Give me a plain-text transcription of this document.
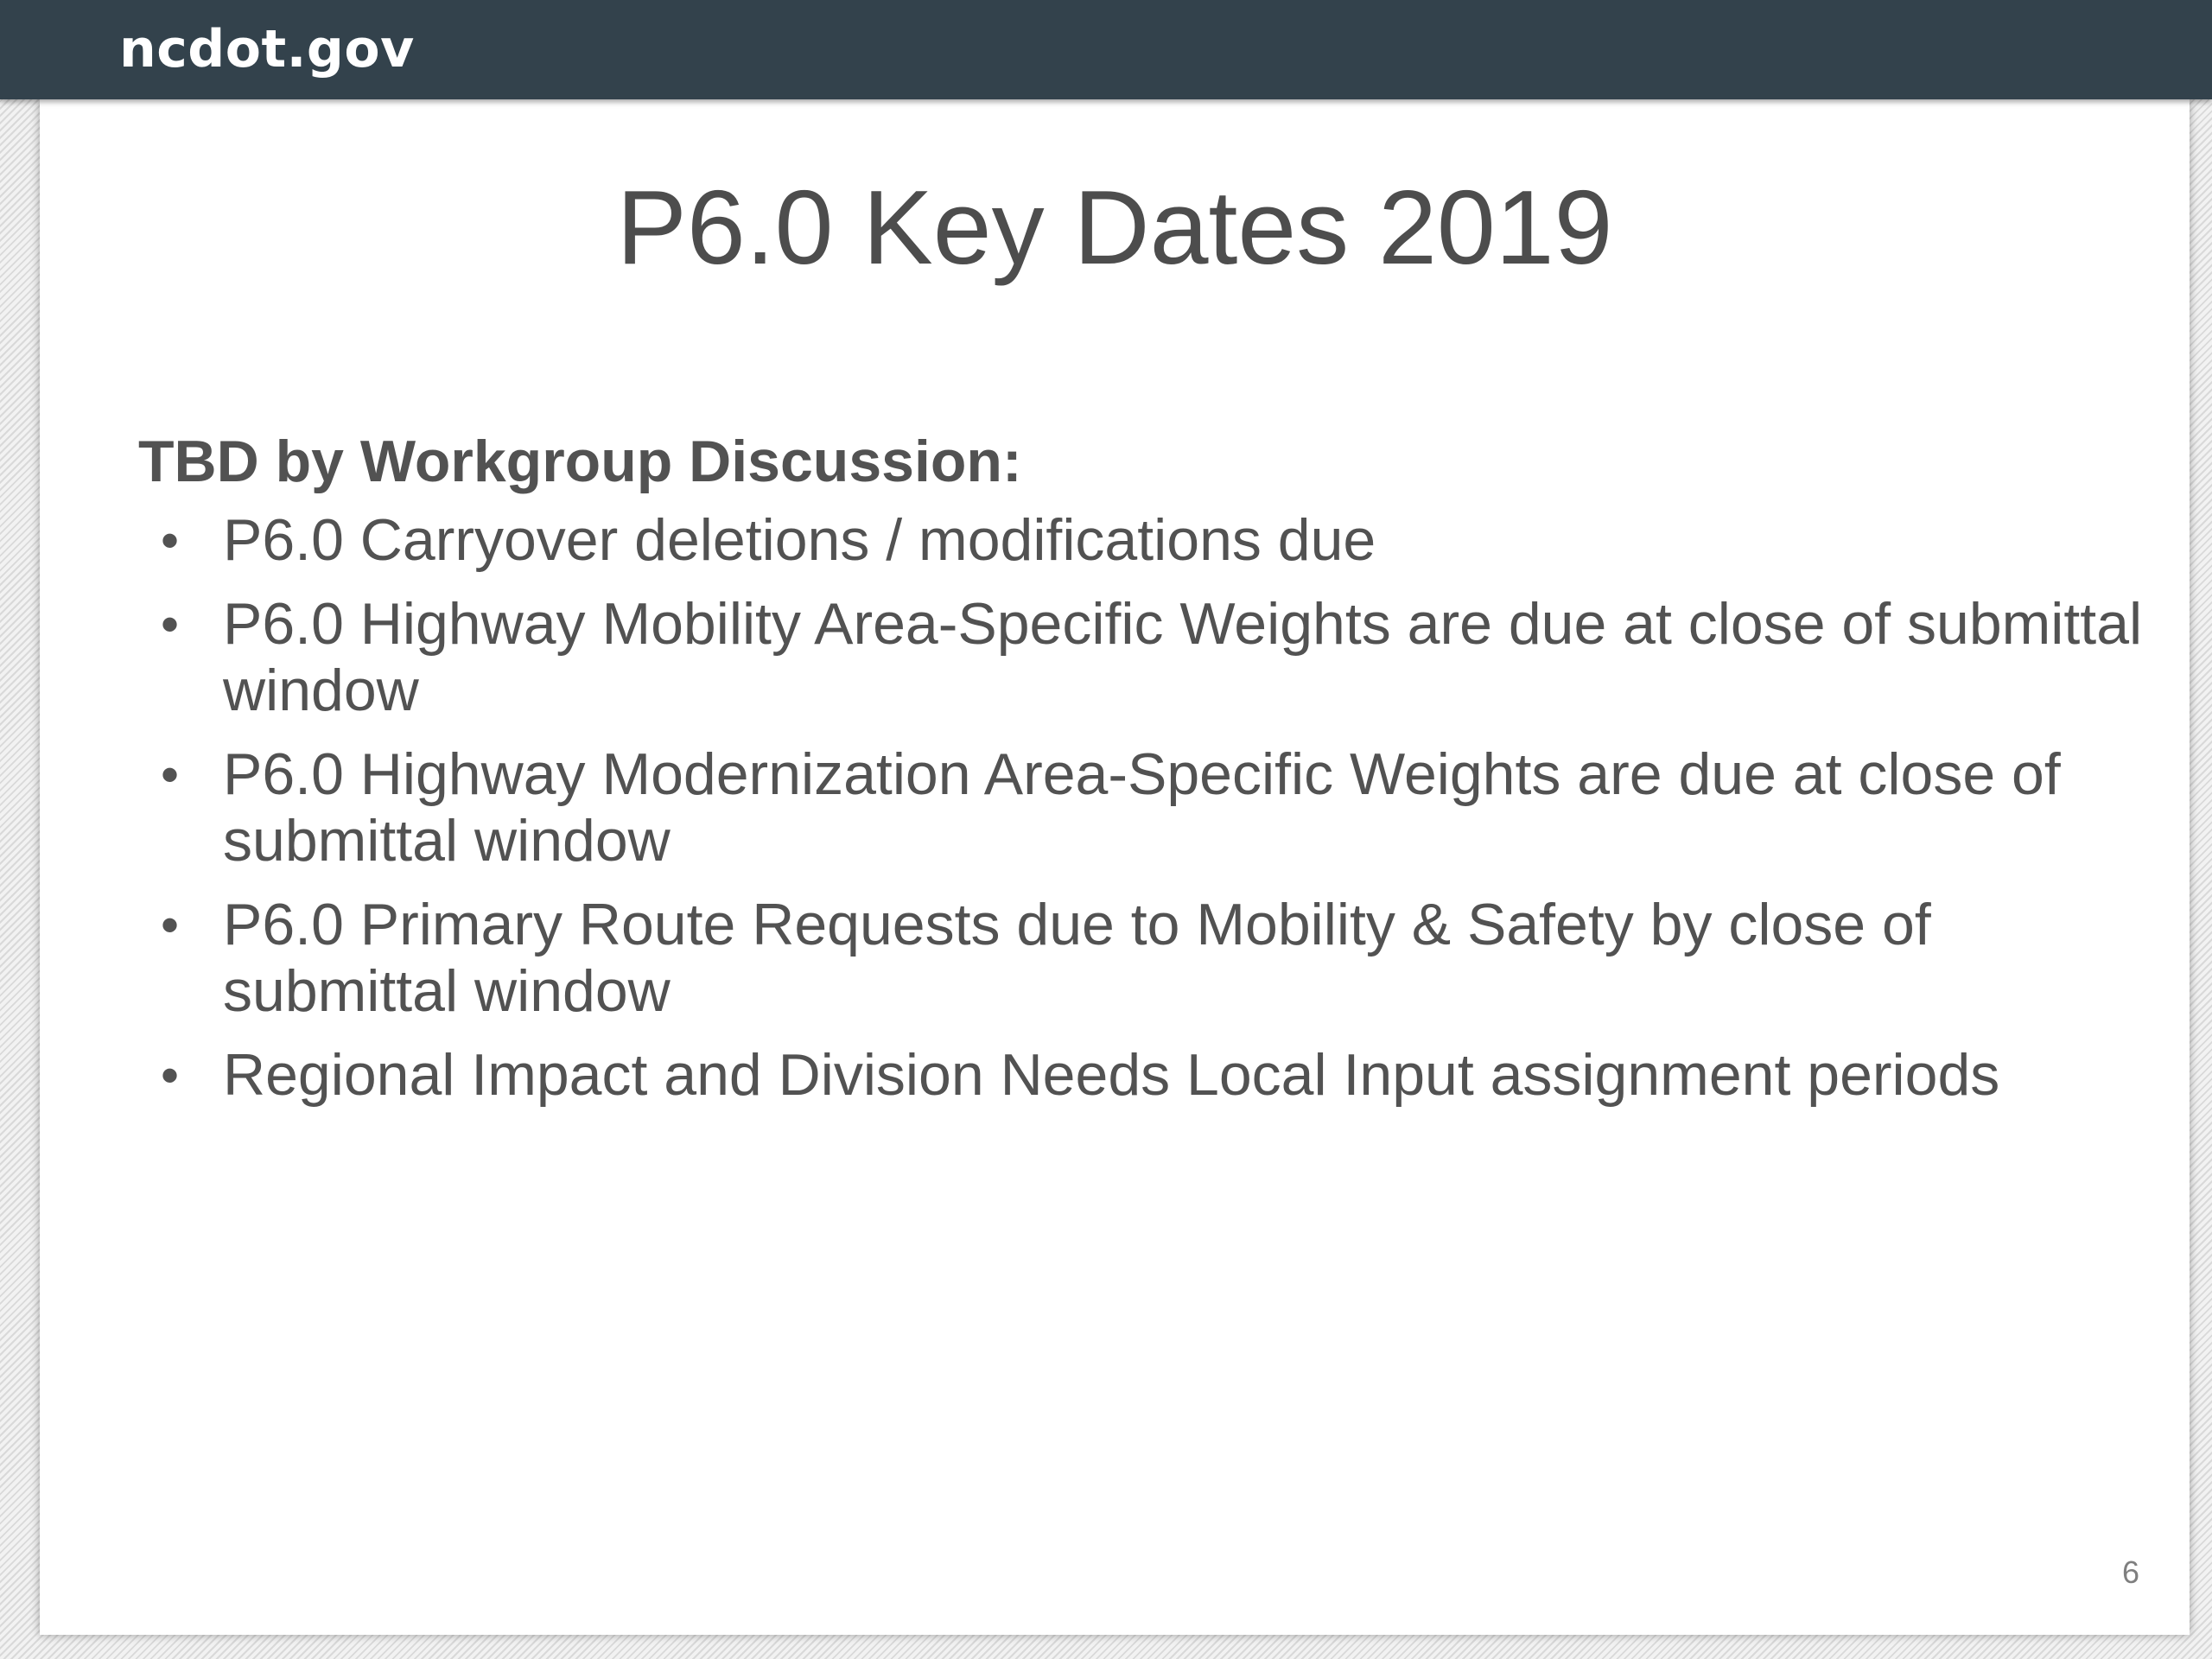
ncdot.gov
P6.0 Key Dates 2019
TBD by Workgroup Discussion:
• P6.0 Carryover deletions / modifications due
• P6.0 Highway Mobility Area-Specific Weights are due at close of submittal window
• P6.0 Highway Modernization Area-Specific Weights are due at close of submittal window
• P6.0 Primary Route Requests due to Mobility & Safety by close of submittal window
• Regional Impact and Division Needs Local Input assignment periods
6
